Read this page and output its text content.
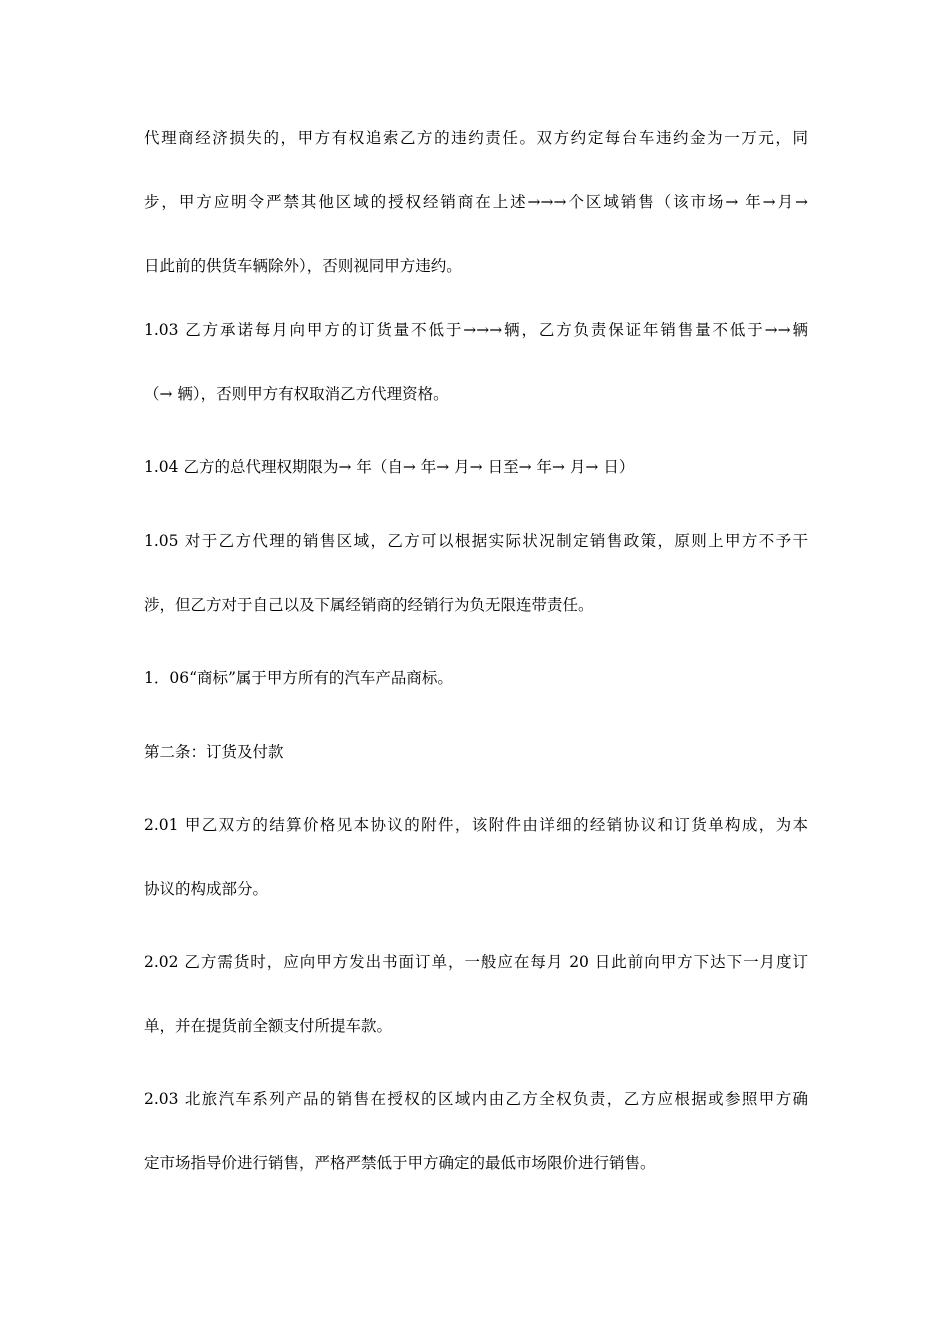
代理商经济损失的，甲方有权追索乙方的违约责任。双方约定每台车违约金为一万元，同
步，甲方应明令严禁其他区域的授权经销商在上述→→→个区域销售（该市场→ 年→月→
日此前的供货车辆除外），否则视同甲方违约。
1.03 乙方承诺每月向甲方的订货量不低于→→→辆，乙方负责保证年销售量不低于→→辆
（→ 辆），否则甲方有权取消乙方代理资格。
1.04 乙方的总代理权期限为→ 年（自→ 年→ 月→ 日至→ 年→ 月→ 日）
1.05 对于乙方代理的销售区域，乙方可以根据实际状况制定销售政策，原则上甲方不予干
涉，但乙方对于自己以及下属经销商的经销行为负无限连带责任。
1．06“商标”属于甲方所有的汽车产品商标。
第二条：订货及付款
2.01 甲乙双方的结算价格见本协议的附件，该附件由详细的经销协议和订货单构成，为本
协议的构成部分。
2.02 乙方需货时，应向甲方发出书面订单，一般应在每月 20 日此前向甲方下达下一月度订
单，并在提货前全额支付所提车款。
2.03 北旅汽车系列产品的销售在授权的区域内由乙方全权负责，乙方应根据或参照甲方确
定市场指导价进行销售，严格严禁低于甲方确定的最低市场限价进行销售。
